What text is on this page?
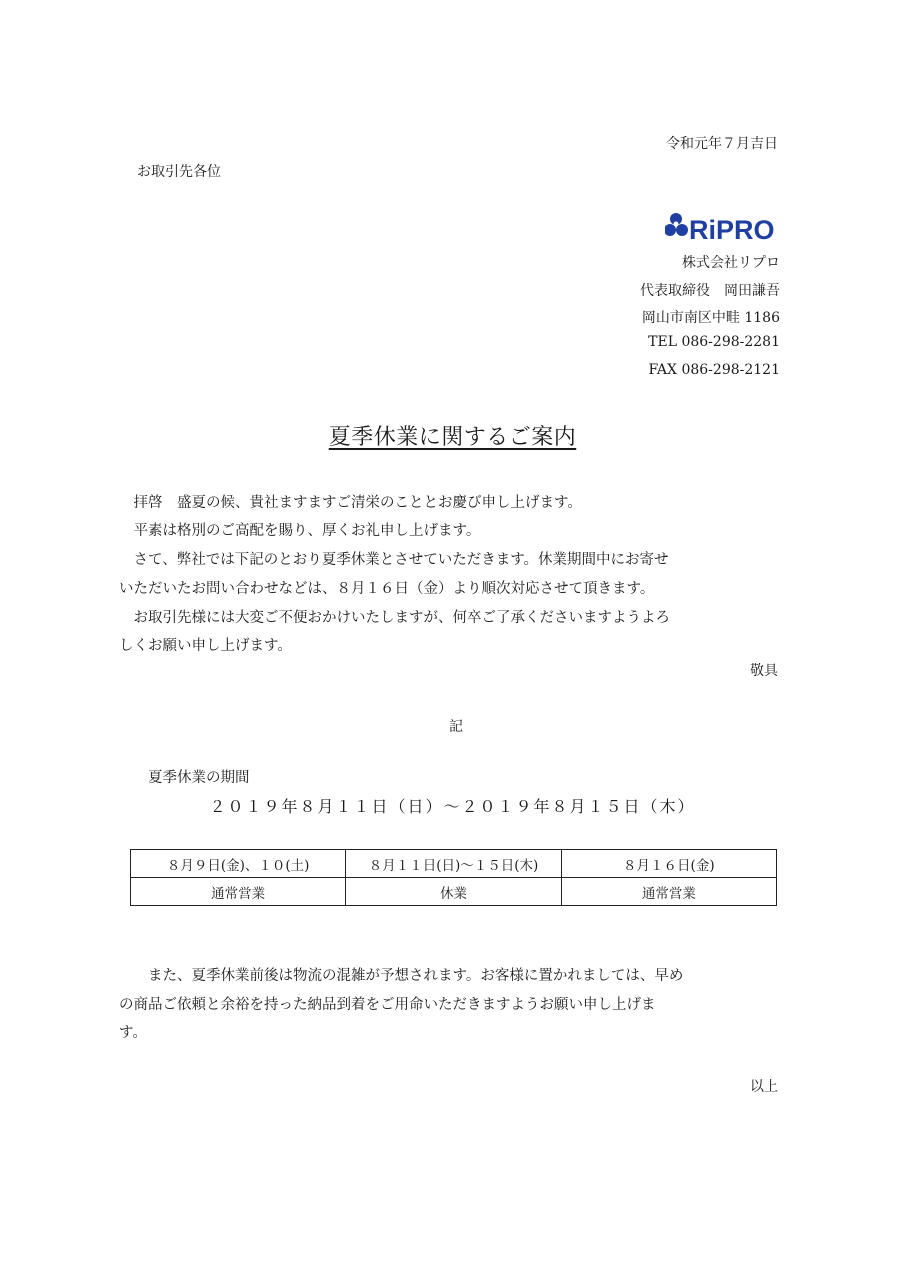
令和元年７月吉日
お取引先各位
RiPRO
株式会社リプロ
代表取締役　岡田謙吾
岡山市南区中畦 1186
TEL 086-298-2281
FAX 086-298-2121
夏季休業に関するご案内
　拝啓　盛夏の候、貴社ますますご清栄のこととお慶び申し上げます。
　平素は格別のご高配を賜り、厚くお礼申し上げます。
　さて、弊社では下記のとおり夏季休業とさせていただきます。休業期間中にお寄せ
いただいたお問い合わせなどは、８月１６日（金）より順次対応させて頂きます。
　お取引先様には大変ご不便おかけいたしますが、何卒ご了承くださいますようよろ
しくお願い申し上げます。
敬具
記
夏季休業の期間
２０１９年８月１１日（日）～２０１９年８月１５日（木）
８月９日(金)、１０(土)	８月１１日(日)～１５日(木)	８月１６日(金)
通常営業	休業	通常営業
また、夏季休業前後は物流の混雑が予想されます。お客様に置かれましては、早め
の商品ご依頼と余裕を持った納品到着をご用命いただきますようお願い申し上げま
す。
以上
